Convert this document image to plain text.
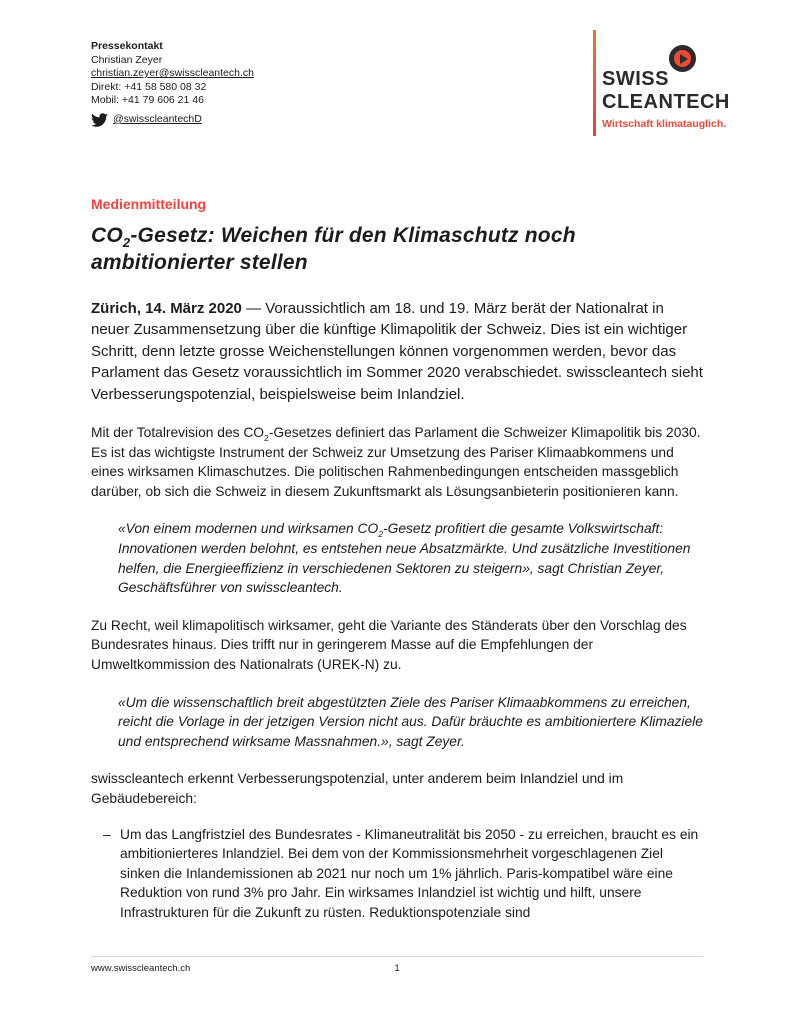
Pressekontakt
Christian Zeyer
christian.zeyer@swisscleantech.ch
Direkt: +41 58 580 08 32
Mobil: +41 79 606 21 46
@swisscleantechD
SWISS
CLEANTECH
Wirtschaft klimatauglich.
Medienmitteilung
$CO_2$-Gesetz: Weichen für den Klimaschutz noch ambitionierter stellen
Zürich, 14. März 2020 — Voraussichtlich am 18. und 19. März berät der Nationalrat in neuer Zusammensetzung über die künftige Klimapolitik der Schweiz. Dies ist ein wichtiger Schritt, denn letzte grosse Weichenstellungen können vorgenommen werden, bevor das Parlament das Gesetz voraussichtlich im Sommer 2020 verabschiedet. swisscleantech sieht Verbesserungspotenzial, beispielsweise beim Inlandziel.
Mit der Totalrevision des $CO_2$-Gesetzes definiert das Parlament die Schweizer Klimapolitik bis 2030. Es ist das wichtigste Instrument der Schweiz zur Umsetzung des Pariser Klimaabkommens und eines wirksamen Klimaschutzes. Die politischen Rahmenbedingungen entscheiden massgeblich darüber, ob sich die Schweiz in diesem Zukunftsmarkt als Lösungsanbieterin positionieren kann.
«Von einem modernen und wirksamen $CO_2$-Gesetz profitiert die gesamte Volkswirtschaft: Innovationen werden belohnt, es entstehen neue Absatzmärkte. Und zusätzliche Investitionen helfen, die Energieeffizienz in verschiedenen Sektoren zu steigern», sagt Christian Zeyer, Geschäftsführer von swisscleantech.
Zu Recht, weil klimapolitisch wirksamer, geht die Variante des Ständerats über den Vorschlag des Bundesrates hinaus. Dies trifft nur in geringerem Masse auf die Empfehlungen der Umweltkommission des Nationalrats (UREK-N) zu.
«Um die wissenschaftlich breit abgestützten Ziele des Pariser Klimaabkommens zu erreichen, reicht die Vorlage in der jetzigen Version nicht aus. Dafür bräuchte es ambitioniertere Klimaziele und entsprechend wirksame Massnahmen.», sagt Zeyer.
swisscleantech erkennt Verbesserungspotenzial, unter anderem beim Inlandziel und im Gebäudebereich:
– Um das Langfristziel des Bundesrates - Klimaneutralität bis 2050 - zu erreichen, braucht es ein ambitionierteres Inlandziel. Bei dem von der Kommissionsmehrheit vorgeschlagenen Ziel sinken die Inlandemissionen ab 2021 nur noch um 1% jährlich. Paris-kompatibel wäre eine Reduktion von rund 3% pro Jahr. Ein wirksames Inlandziel ist wichtig und hilft, unsere Infrastrukturen für die Zukunft zu rüsten. Reduktionspotenziale sind
www.swisscleantech.ch	1
